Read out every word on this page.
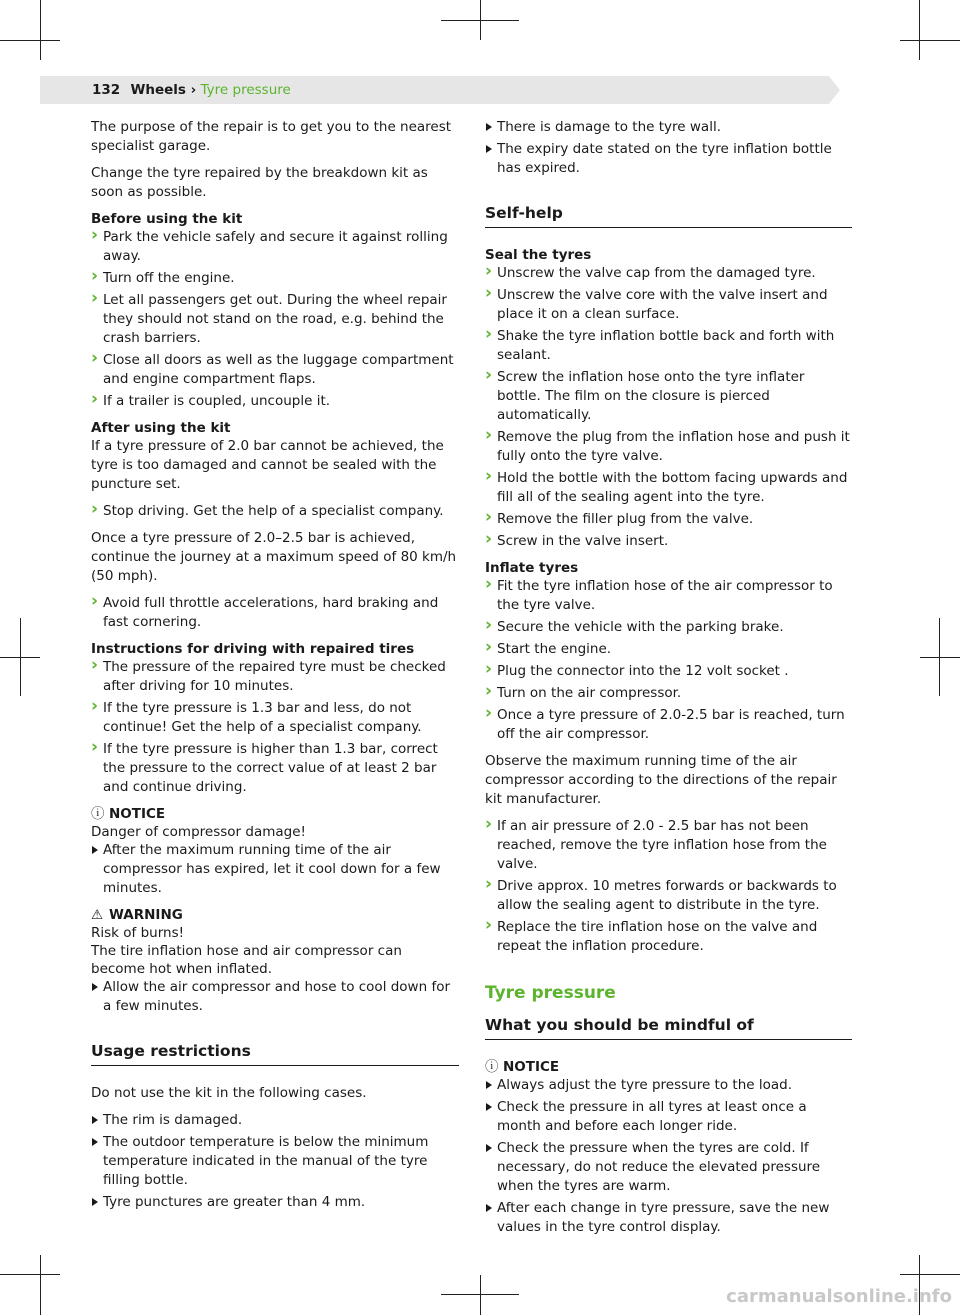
132 Wheels › Tyre pressure

The purpose of the repair is to get you to the nearest specialist garage.

Change the tyre repaired by the breakdown kit as soon as possible.

Before using the kit
› Park the vehicle safely and secure it against rolling away.
› Turn off the engine.
› Let all passengers get out. During the wheel repair they should not stand on the road, e.g. behind the crash barriers.
› Close all doors as well as the luggage compartment and engine compartment flaps.
› If a trailer is coupled, uncouple it.
After using the kit

If a tyre pressure of 2.0 bar cannot be achieved, the tyre is too damaged and cannot be sealed with the puncture set.

› Stop driving. Get the help of a specialist company.

Once a tyre pressure of 2.0–2.5 bar is achieved, continue the journey at a maximum speed of 80 km/h (50 mph).

› Avoid full throttle accelerations, hard braking and fast cornering.
Instructions for driving with repaired tires
› The pressure of the repaired tyre must be checked after driving for 10 minutes.
› If the tyre pressure is 1.3 bar and less, do not continue! Get the help of a specialist company.
› If the tyre pressure is higher than 1.3 bar, correct the pressure to the correct value of at least 2 bar and continue driving.
ⓘ NOTICE
Danger of compressor damage!
After the maximum running time of the air compressor has expired, let it cool down for a few minutes.
⚠ WARNING
Risk of burns!
The tire inflation hose and air compressor can become hot when inflated.
Allow the air compressor and hose to cool down for a few minutes.
Usage restrictions

Do not use the kit in the following cases.

The rim is damaged.
The outdoor temperature is below the minimum temperature indicated in the manual of the tyre filling bottle.
Tyre punctures are greater than 4 mm.
There is damage to the tyre wall.
The expiry date stated on the tyre inflation bottle has expired.
Self-help
Seal the tyres
› Unscrew the valve cap from the damaged tyre.
› Unscrew the valve core with the valve insert and place it on a clean surface.
› Shake the tyre inflation bottle back and forth with sealant.
› Screw the inflation hose onto the tyre inflater bottle. The film on the closure is pierced automatically.
› Remove the plug from the inflation hose and push it fully onto the tyre valve.
› Hold the bottle with the bottom facing upwards and fill all of the sealing agent into the tyre.
› Remove the filler plug from the valve.
› Screw in the valve insert.
Inflate tyres
› Fit the tyre inflation hose of the air compressor to the tyre valve.
› Secure the vehicle with the parking brake.
› Start the engine.
› Plug the connector into the 12 volt socket .
› Turn on the air compressor.
› Once a tyre pressure of 2.0-2.5 bar is reached, turn off the air compressor.

Observe the maximum running time of the air compressor according to the directions of the repair kit manufacturer.

› If an air pressure of 2.0 - 2.5 bar has not been reached, remove the tyre inflation hose from the valve.
› Drive approx. 10 metres forwards or backwards to allow the sealing agent to distribute in the tyre.
› Replace the tire inflation hose on the valve and repeat the inflation procedure.
Tyre pressure
What you should be mindful of
ⓘ NOTICE
Always adjust the tyre pressure to the load.
Check the pressure in all tyres at least once a month and before each longer ride.
Check the pressure when the tyres are cold. If necessary, do not reduce the elevated pressure when the tyres are warm.
After each change in tyre pressure, save the new values in the tyre control display.
carmanualsonline.info
